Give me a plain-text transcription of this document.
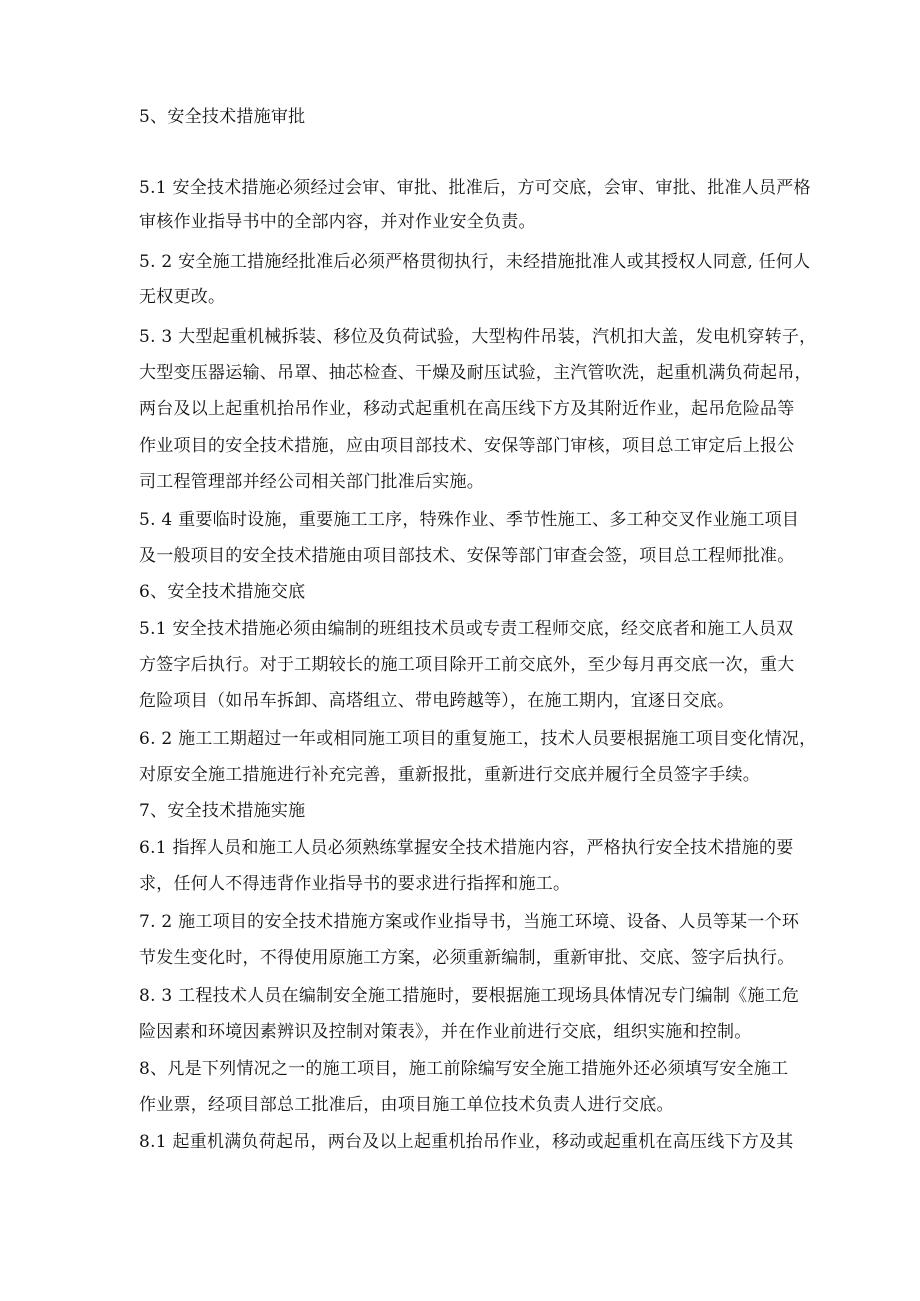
5、安全技术措施审批
5.1 安全技术措施必须经过会审、审批、批准后，方可交底，会审、审批、批准人员严格
审核作业指导书中的全部内容，并对作业安全负责。
5. 2 安全施工措施经批准后必须严格贯彻执行，未经措施批准人或其授权人同意, 任何人
无权更改。
5. 3 大型起重机械拆装、移位及负荷试验，大型构件吊装，汽机扣大盖，发电机穿转子，
大型变压器运输、吊罩、抽芯检查、干燥及耐压试验，主汽管吹洗，起重机满负荷起吊，
两台及以上起重机抬吊作业，移动式起重机在高压线下方及其附近作业，起吊危险品等
作业项目的安全技术措施，应由项目部技术、安保等部门审核，项目总工审定后上报公
司工程管理部并经公司相关部门批准后实施。
5. 4 重要临时设施，重要施工工序，特殊作业、季节性施工、多工种交叉作业施工项目
及一般项目的安全技术措施由项目部技术、安保等部门审查会签，项目总工程师批准。
6、安全技术措施交底
5.1 安全技术措施必须由编制的班组技术员或专责工程师交底，经交底者和施工人员双
方签字后执行。对于工期较长的施工项目除开工前交底外，至少每月再交底一次，重大
危险项目（如吊车拆卸、高塔组立、带电跨越等），在施工期内，宜逐日交底。
6. 2 施工工期超过一年或相同施工项目的重复施工，技术人员要根据施工项目变化情况，
对原安全施工措施进行补充完善，重新报批，重新进行交底并履行全员签字手续。
7、安全技术措施实施
6.1 指挥人员和施工人员必须熟练掌握安全技术措施内容，严格执行安全技术措施的要
求，任何人不得违背作业指导书的要求进行指挥和施工。
7. 2 施工项目的安全技术措施方案或作业指导书，当施工环境、设备、人员等某一个环
节发生变化时，不得使用原施工方案，必须重新编制，重新审批、交底、签字后执行。
8. 3 工程技术人员在编制安全施工措施时，要根据施工现场具体情况专门编制《施工危
险因素和环境因素辨识及控制对策表》，并在作业前进行交底，组织实施和控制。
8、凡是下列情况之一的施工项目，施工前除编写安全施工措施外还必须填写安全施工
作业票，经项目部总工批准后，由项目施工单位技术负责人进行交底。
8.1 起重机满负荷起吊，两台及以上起重机抬吊作业，移动或起重机在高压线下方及其
